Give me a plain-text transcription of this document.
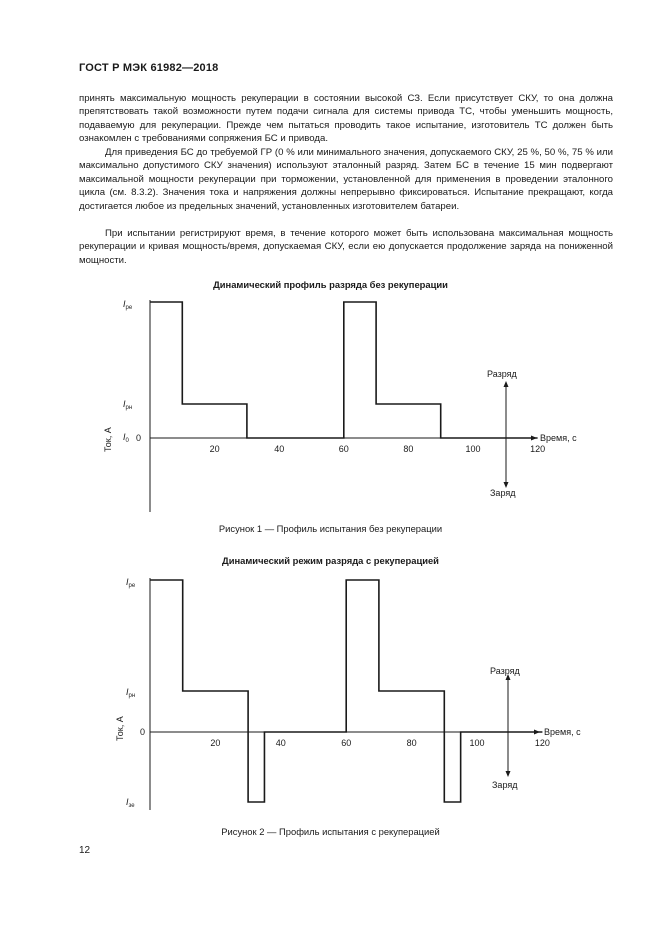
ГОСТ Р МЭК 61982—2018

принять максимальную мощность рекуперации в состоянии высокой СЗ. Если присутствует СКУ, то она должна препятствовать такой возможности путем подачи сигнала для системы привода ТС, чтобы уменьшить мощность, подаваемую для рекуперации. Прежде чем пытаться проводить такое испытание, изготовитель ТС должен быть ознакомлен с требованиями сопряжения БС и привода.

Для приведения БС до требуемой ГР (0 % или минимального значения, допускаемого СКУ, 25 %, 50 %, 75 % или максимально допустимого СКУ значения) используют эталонный разряд. Затем БС в течение 15 мин подвергают максимальной мощности рекуперации при торможении, установленной для применения в проведении эталонного цикла (см. 8.3.2). Значения тока и напряжения должны непрерывно фиксироваться. Испытание прекращают, когда достигается любое из предельных значений, установленных изготовителем батареи.

При испытании регистрируют время, в течение которого может быть использована максимальная мощность рекуперации и кривая мощность/время, допускаемая СКУ, если ею допускается продолжение заряда на пониженной мощности.

Динамический профиль разряда без рекуперации
20	40	60	80	100	120
$I_{pe}$
$I_{pн}$
$I_0$ 0
Ток, А	Время, с
Разряд
Заряд
Рисунок 1 — Профиль испытания без рекуперации
Динамический режим разряда с рекуперацией
20	40	60	80	100	120
$I_{pe}$
$I_{pн}$
0
$I_{зе}$
Ток, А	Время, с
Разряд
Заряд
Рисунок 2 — Профиль испытания с рекуперацией
12
